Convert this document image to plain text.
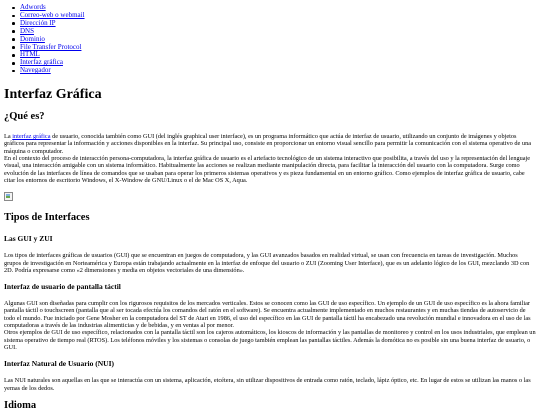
Adwords
Correo-web o webmail
Dirección IP
DNS
Dominio
File Transfer Protocol
HTML
Interfaz gráfica
Navegador
Interfaz Gráfica
¿Qué es?

La interfaz gráfica de usuario, conocida también como GUI (del inglés graphical user interface), es un programa informático que actúa de interfaz de usuario, utilizando un conjunto de imágenes y objetos gráficos para representar la información y acciones disponibles en la interfaz. Su principal uso, consiste en proporcionar un entorno visual sencillo para permitir la comunicación con el sistema operativo de una máquina o computador.

En el contexto del proceso de interacción persona-computadora, la interfaz gráfica de usuario es el artefacto tecnológico de un sistema interactivo que posibilita, a través del uso y la representación del lenguaje visual, una interacción amigable con un sistema informático. Habitualmente las acciones se realizan mediante manipulación directa, para facilitar la interacción del usuario con la computadora. Surge como evolución de las interfaces de línea de comandos que se usaban para operar los primeros sistemas operativos y es pieza fundamental en un entorno gráfico. Como ejemplos de interfaz gráfica de usuario, cabe citar los entornos de escritorio Windows, el X-Window de GNU/Linux o el de Mac OS X, Aqua.

Tipos de Interfaces
Las GUI y ZUI

Los tipos de interfaces gráficas de usuarios (GUI) que se encuentran en juegos de computadora, y las GUI avanzados basados en realidad virtual, se usan con frecuencia en tareas de investigación. Muchos grupos de investigación en Norteamérica y Europa están trabajando actualmente en la interfaz de enfoque del usuario o ZUI (Zooming User Interface), que es un adelanto lógico de los GUI, mezclando 3D con 2D. Podría expresarse como «2 dimensiones y media en objetos vectoriales de una dimensión».

Interfaz de usuario de pantalla táctil

Algunas GUI son diseñadas para cumplir con los rigurosos requisitos de los mercados verticales. Estos se conocen como las GUI de uso específico. Un ejemplo de un GUI de uso específico es la ahora familiar pantalla táctil o touchscreen (pantalla que al ser tocada efectúa los comandos del ratón en el software). Se encuentra actualmente implementado en muchos restaurantes y en muchas tiendas de autoservicio de todo el mundo. Fue iniciado por Gene Mosher en la computadora del ST de Atari en 1986, el uso del específico en las GUI de pantalla táctil ha encabezado una revolución mundial e innovadora en el uso de las computadoras a través de las industrias alimenticias y de bebidas, y en ventas al por menor.

Otros ejemplos de GUI de uso específico, relacionados con la pantalla táctil son los cajeros automáticos, los kioscos de información y las pantallas de monitoreo y control en los usos industriales, que emplean un sistema operativo de tiempo real (RTOS). Los teléfonos móviles y los sistemas o consolas de juego también emplean las pantallas táctiles. Además la domótica no es posible sin una buena interfaz de usuario, o GUI.

Interfaz Natural de Usuario (NUI)

Las NUI naturales son aquellas en las que se interactúa con un sistema, aplicación, etcétera, sin utilizar dispositivos de entrada como ratón, teclado, lápiz óptico, etc. En lugar de estos se utilizan las manos o las yemas de los dedos.

Idioma
